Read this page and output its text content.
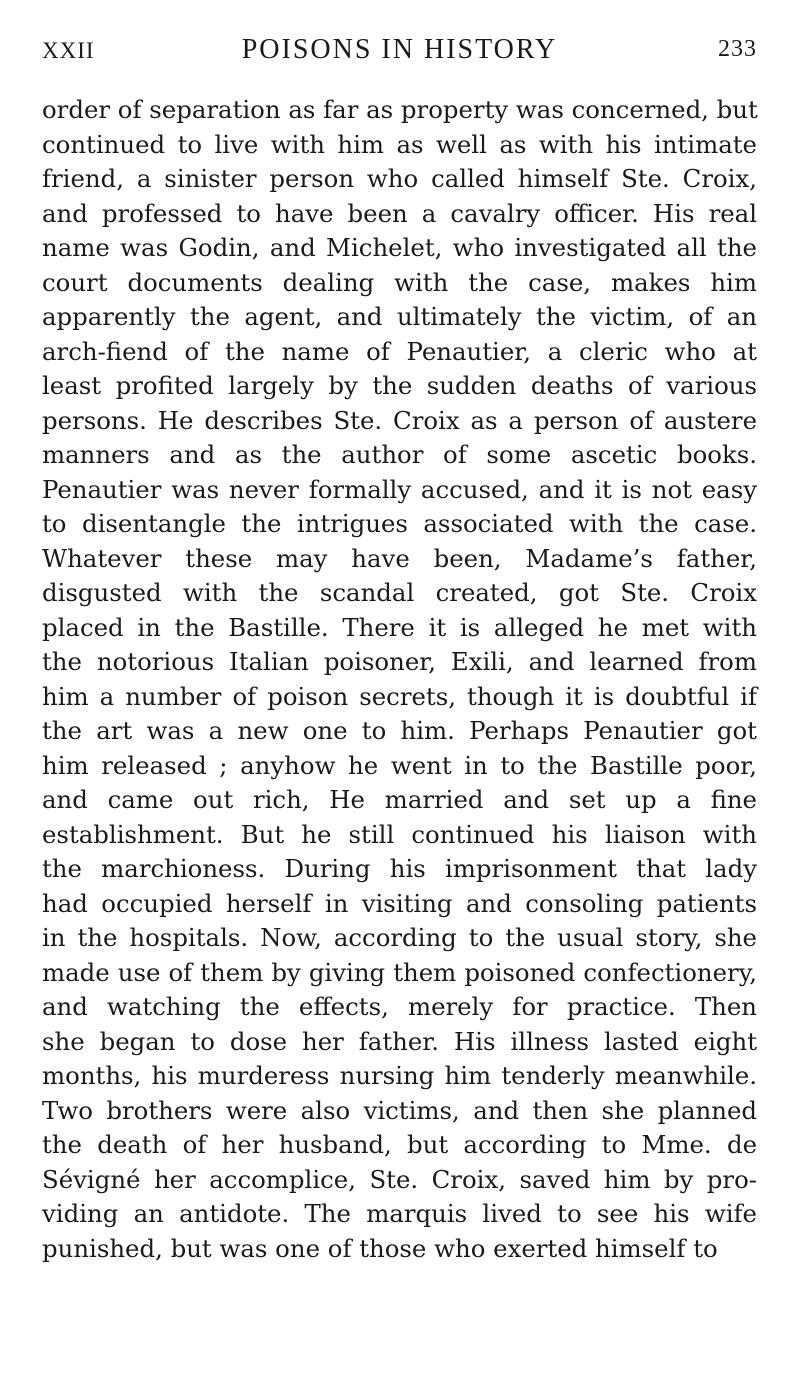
XXII	POISONS IN HISTORY	233
order of separation as far as property was concerned, but
continued to live with him as well as with his intimate
friend, a sinister person who called himself Ste. Croix,
and professed to have been a cavalry officer. His real
name was Godin, and Michelet, who investigated all the
court documents dealing with the case, makes him
apparently the agent, and ultimately the victim, of an
arch-fiend of the name of Penautier, a cleric who at
least profited largely by the sudden deaths of various
persons. He describes Ste. Croix as a person of austere
manners and as the author of some ascetic books.
Penautier was never formally accused, and it is not easy
to disentangle the intrigues associated with the case.
Whatever these may have been, Madame’s father,
disgusted with the scandal created, got Ste. Croix
placed in the Bastille. There it is alleged he met with
the notorious Italian poisoner, Exili, and learned from
him a number of poison secrets, though it is doubtful if
the art was a new one to him. Perhaps Penautier got
him released ; anyhow he went in to the Bastille poor,
and came out rich, He married and set up a fine
establishment. But he still continued his liaison with
the marchioness. During his imprisonment that lady
had occupied herself in visiting and consoling patients
in the hospitals. Now, according to the usual story, she
made use of them by giving them poisoned confectionery,
and watching the effects, merely for practice. Then
she began to dose her father. His illness lasted eight
months, his murderess nursing him tenderly meanwhile.
Two brothers were also victims, and then she planned
the death of her husband, but according to Mme. de
Sévigné her accomplice, Ste. Croix, saved him by pro-
viding an antidote. The marquis lived to see his wife
punished, but was one of those who exerted himself to
